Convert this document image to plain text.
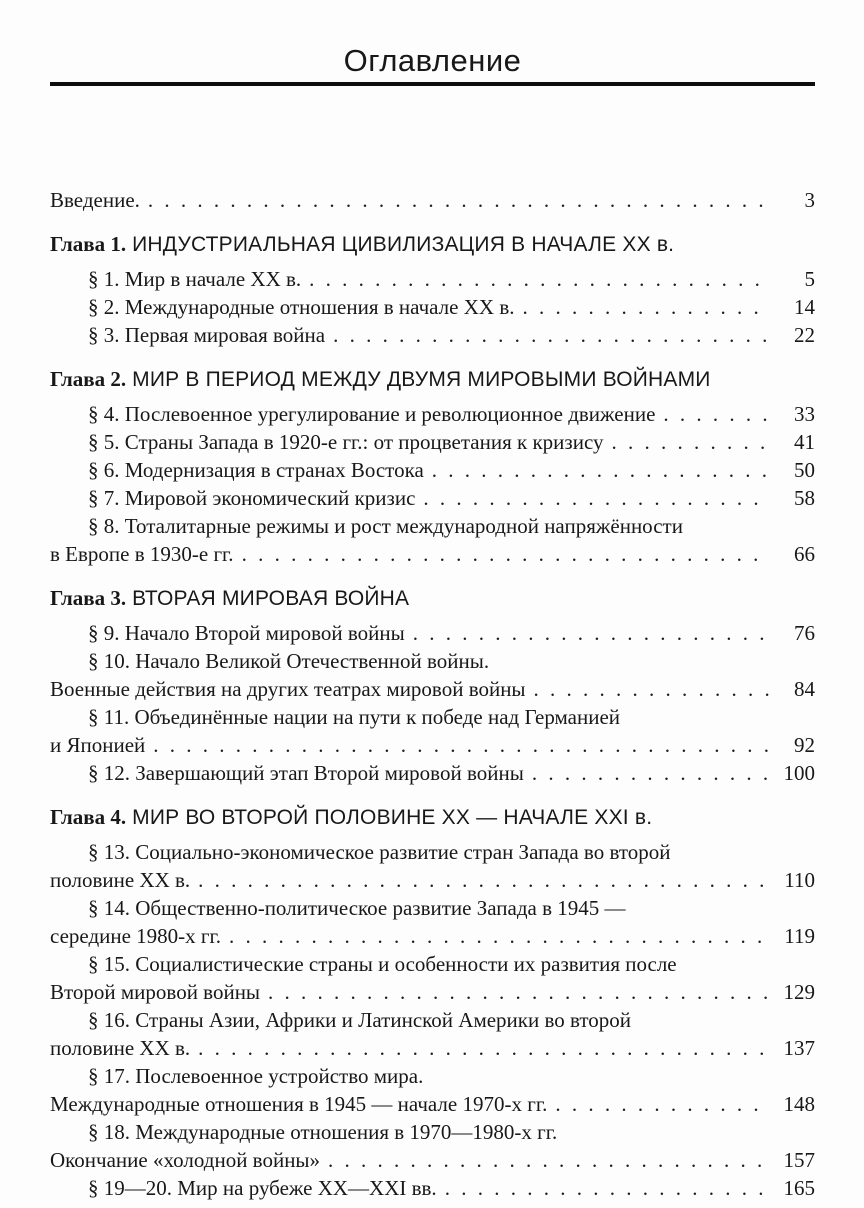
Оглавление
Введение. . . .	3
Глава 1. ИНДУСТРИАЛЬНАЯ ЦИВИЛИЗАЦИЯ В НАЧАЛЕ XX в.
§ 1. Мир в начале XX в. . . .	5
§ 2. Международные отношения в начале XX в. . . .	14
§ 3. Первая мировая война . . .	22
Глава 2. МИР В ПЕРИОД МЕЖДУ ДВУМЯ МИРОВЫМИ ВОЙНАМИ
§ 4. Послевоенное урегулирование и революционное движение . . .	33
§ 5. Страны Запада в 1920-е гг.: от процветания к кризису . . .	41
§ 6. Модернизация в странах Востока . . .	50
§ 7. Мировой экономический кризис . . .	58
§ 8. Тоталитарные режимы и рост международной напряжённости
в Европе в 1930-е гг. . . .	66
Глава 3. ВТОРАЯ МИРОВАЯ ВОЙНА
§ 9. Начало Второй мировой войны . . .	76
§ 10. Начало Великой Отечественной войны.
Военные действия на других театрах мировой войны . . .	84
§ 11. Объединённые нации на пути к победе над Германией
и Японией . . .	92
§ 12. Завершающий этап Второй мировой войны . . .	100
Глава 4. МИР ВО ВТОРОЙ ПОЛОВИНЕ XX — НАЧАЛЕ XXI в.
§ 13. Социально-экономическое развитие стран Запада во второй
половине XX в. . . .	110
§ 14. Общественно-политическое развитие Запада в 1945 —
середине 1980-х гг. . . .	119
§ 15. Социалистические страны и особенности их развития после
Второй мировой войны . . .	129
§ 16. Страны Азии, Африки и Латинской Америки во второй
половине XX в. . . .	137
§ 17. Послевоенное устройство мира.
Международные отношения в 1945 — начале 1970-х гг. . . .	148
§ 18. Международные отношения в 1970—1980-х гг.
Окончание «холодной войны» . . .	157
§ 19—20. Мир на рубеже XX—XXI вв. . . .	165
